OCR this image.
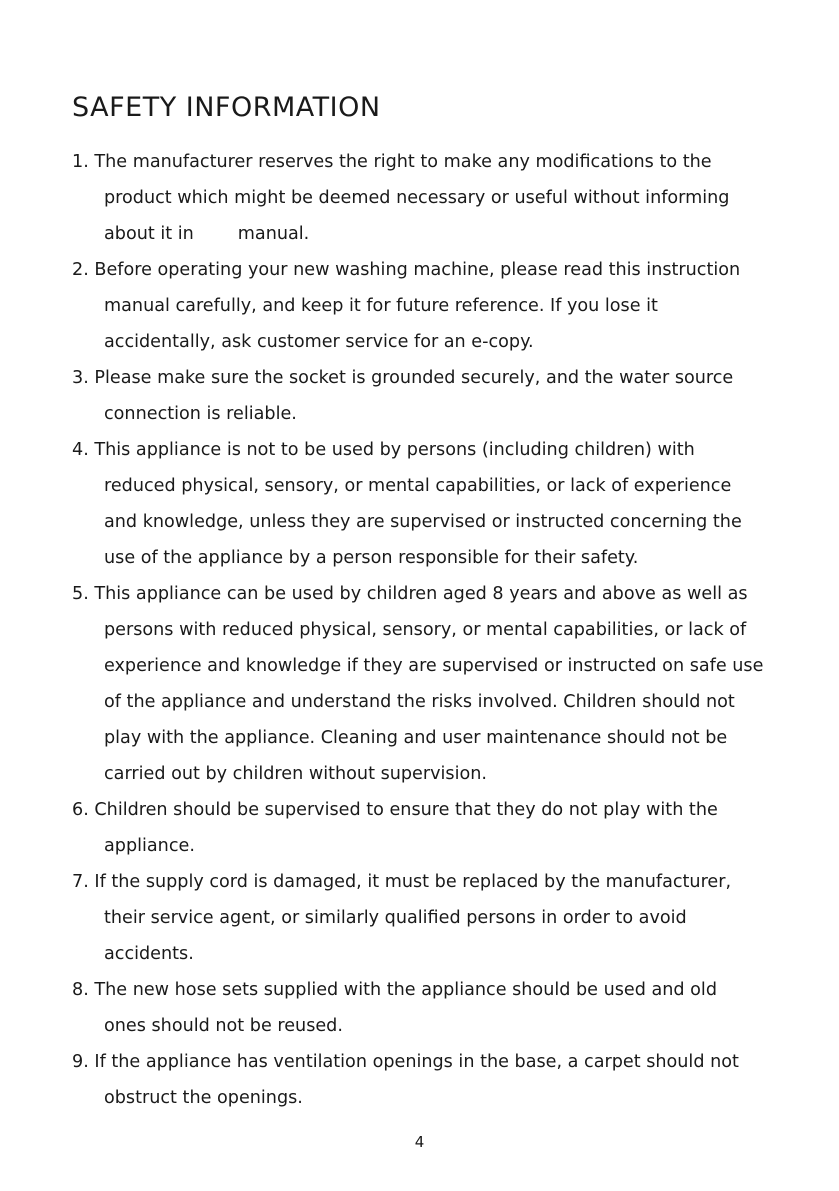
SAFETY INFORMATION
1. The manufacturer reserves the right to make any modifications to the
product which might be deemed necessary or useful without informing
about it in	manual.
2. Before operating your new washing machine, please read this instruction
manual carefully, and keep it for future reference. If you lose it
accidentally, ask customer service for an e-copy.
3. Please make sure the socket is grounded securely, and the water source
connection is reliable.
4. This appliance is not to be used by persons (including children) with
reduced physical, sensory, or mental capabilities, or lack of experience
and knowledge, unless they are supervised or instructed concerning the
use of the appliance by a person responsible for their safety.
5. This appliance can be used by children aged 8 years and above as well as
persons with reduced physical, sensory, or mental capabilities, or lack of
experience and knowledge if they are supervised or instructed on safe use
of the appliance and understand the risks involved. Children should not
play with the appliance. Cleaning and user maintenance should not be
carried out by children without supervision.
6. Children should be supervised to ensure that they do not play with the
appliance.
7. If the supply cord is damaged, it must be replaced by the manufacturer,
their service agent, or similarly qualified persons in order to avoid
accidents.
8. The new hose sets supplied with the appliance should be used and old
ones should not be reused.
9. If the appliance has ventilation openings in the base, a carpet should not
obstruct the openings.
4
